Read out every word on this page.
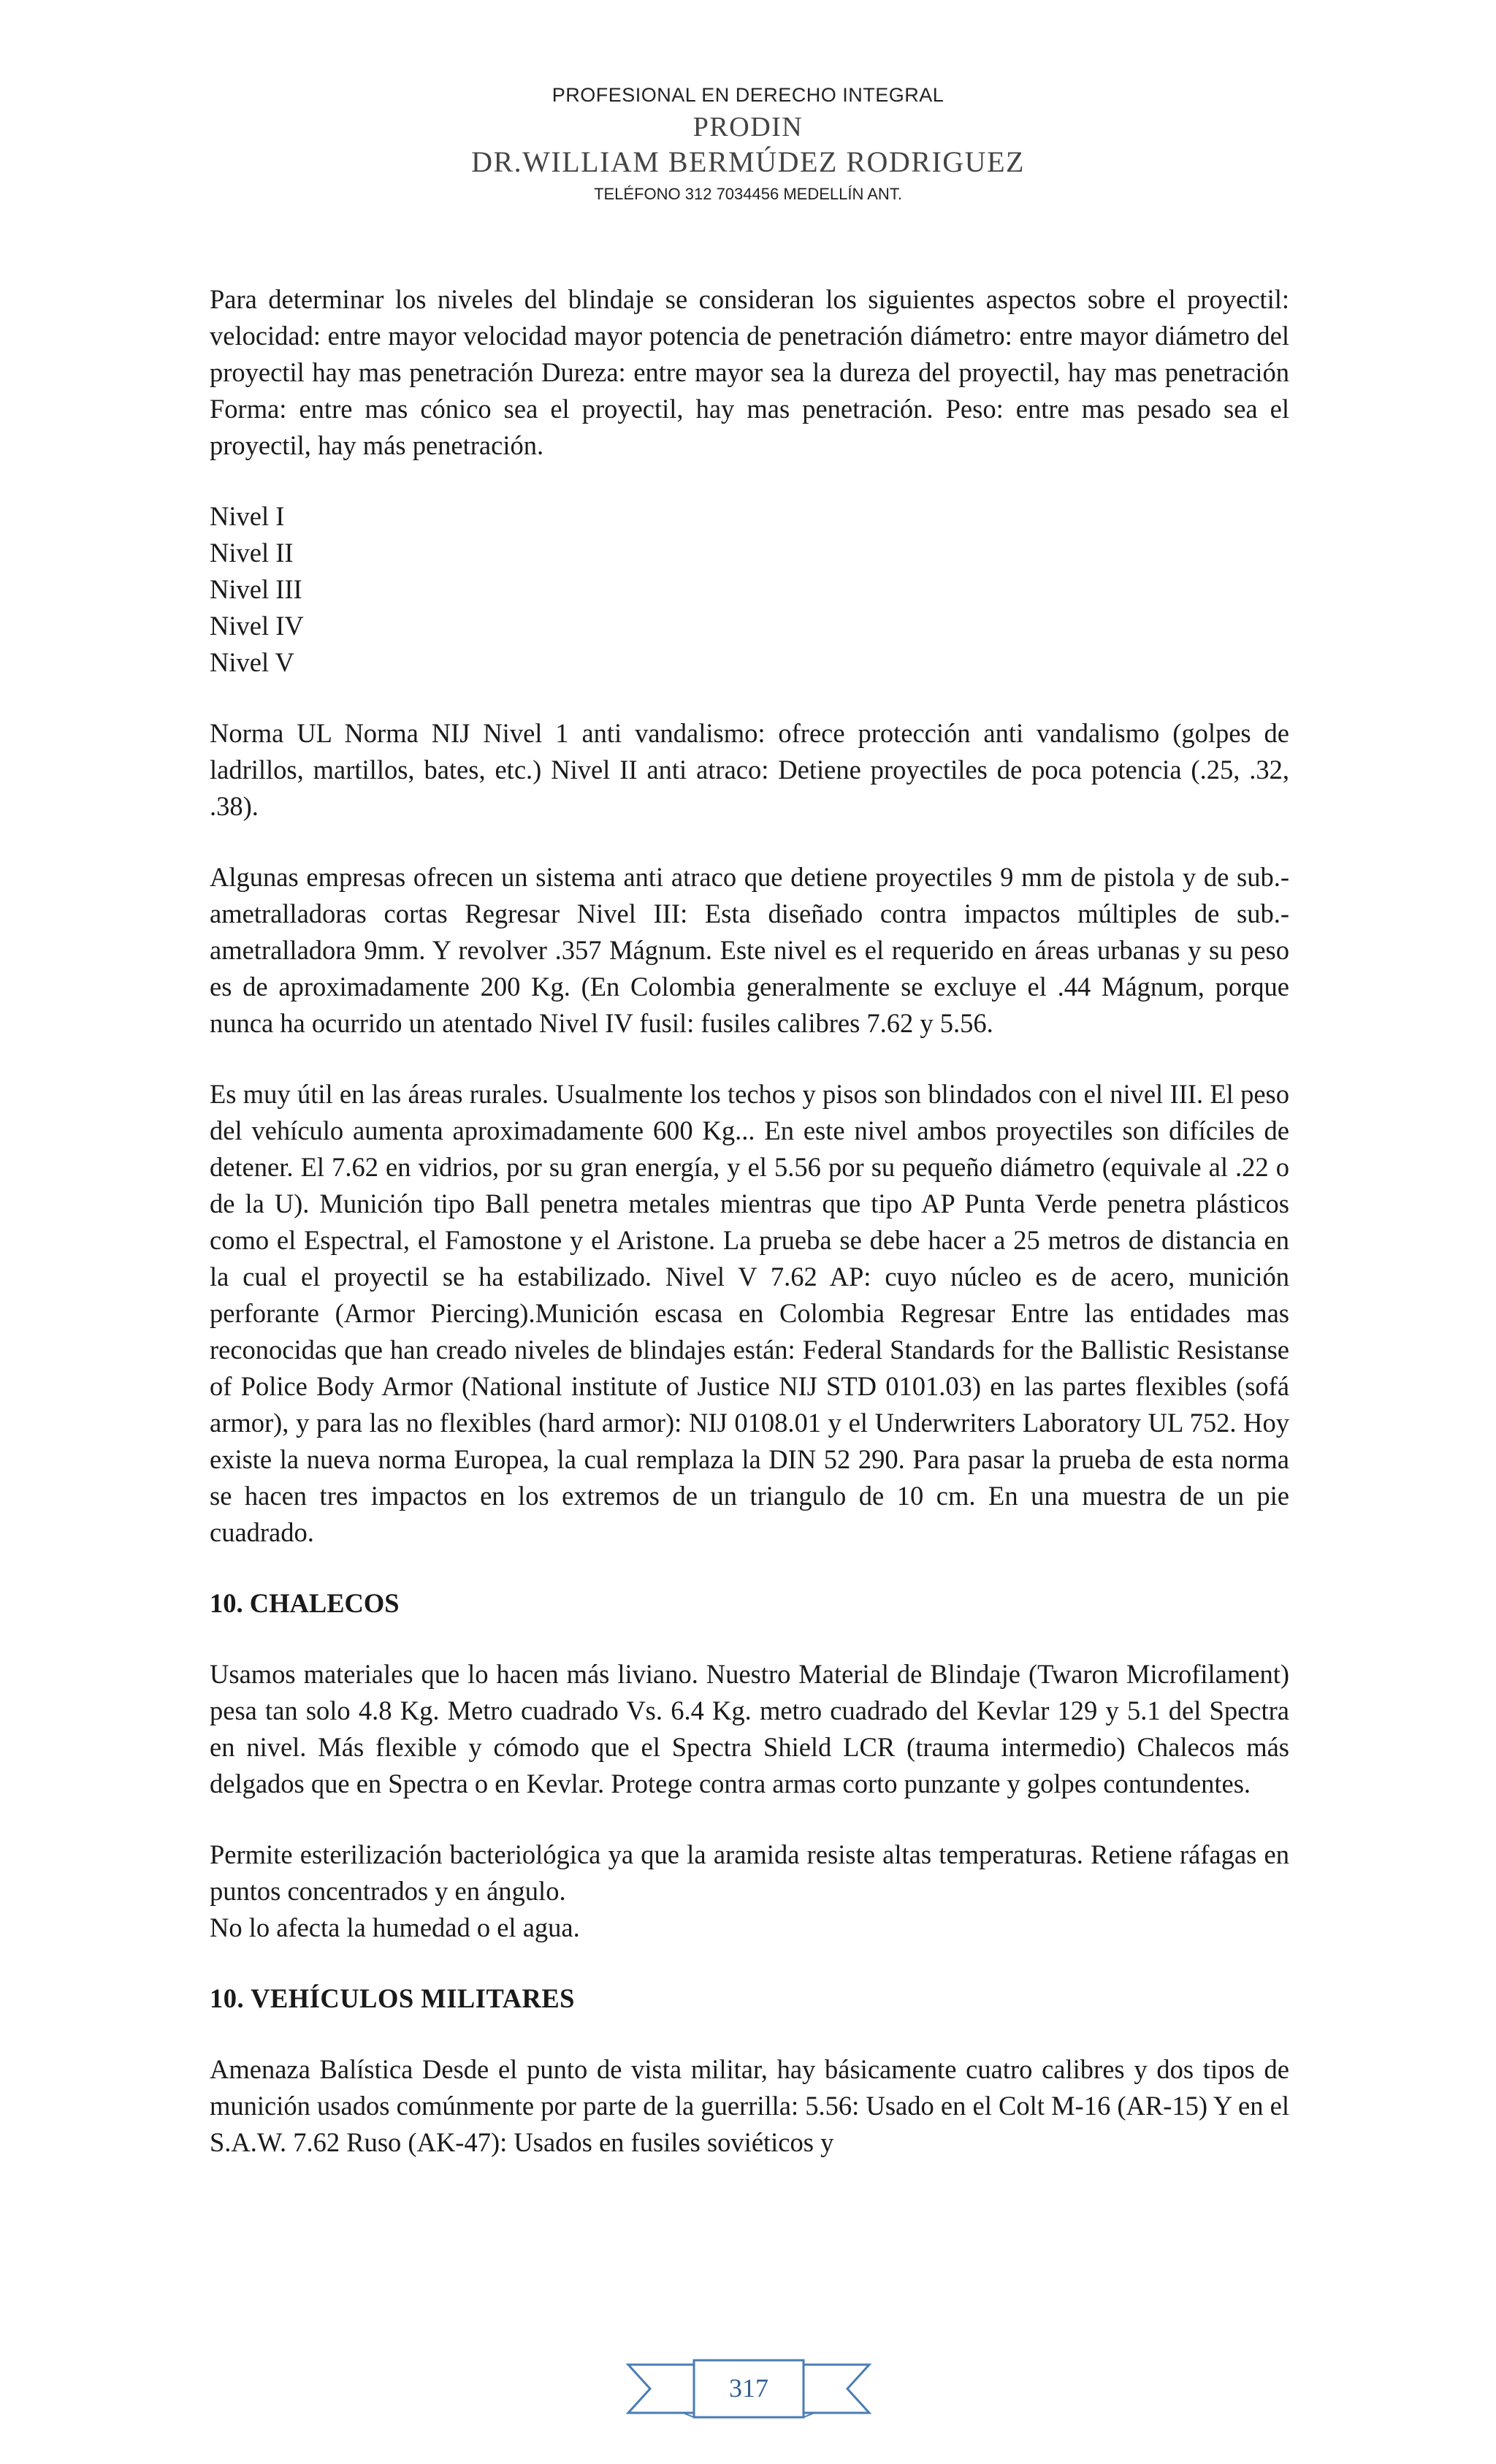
PROFESIONAL EN DERECHO INTEGRAL
PRODIN
DR.WILLIAM BERMÚDEZ RODRIGUEZ
TELÉFONO 312 7034456 MEDELLÍN ANT.

Para determinar los niveles del blindaje se consideran los siguientes aspectos sobre el proyectil: velocidad: entre mayor velocidad mayor potencia de penetración diámetro: entre mayor diámetro del proyectil hay mas penetración Dureza: entre mayor sea la dureza del proyectil, hay mas penetración Forma: entre mas cónico sea el proyectil, hay mas penetración. Peso: entre mas pesado sea el proyectil, hay más penetración.

Nivel I
Nivel II
Nivel III
Nivel IV
Nivel V

Norma UL Norma NIJ Nivel 1 anti vandalismo: ofrece protección anti vandalismo (golpes de ladrillos, martillos, bates, etc.) Nivel II anti atraco: Detiene proyectiles de poca potencia (.25, .32, .38).

Algunas empresas ofrecen un sistema anti atraco que detiene proyectiles 9 mm de pistola y de sub.-ametralladoras cortas Regresar Nivel III: Esta diseñado contra impactos múltiples de sub.- ametralladora 9mm. Y revolver .357 Mágnum. Este nivel es el requerido en áreas urbanas y su peso es de aproximadamente 200 Kg. (En Colombia generalmente se excluye el .44 Mágnum, porque nunca ha ocurrido un atentado Nivel IV fusil: fusiles calibres 7.62 y 5.56.

Es muy útil en las áreas rurales. Usualmente los techos y pisos son blindados con el nivel III. El peso del vehículo aumenta aproximadamente 600 Kg... En este nivel ambos proyectiles son difíciles de detener. El 7.62 en vidrios, por su gran energía, y el 5.56 por su pequeño diámetro (equivale al .22 o de la U). Munición tipo Ball penetra metales mientras que tipo AP Punta Verde penetra plásticos como el Espectral, el Famostone y el Aristone. La prueba se debe hacer a 25 metros de distancia en la cual el proyectil se ha estabilizado. Nivel V 7.62 AP: cuyo núcleo es de acero, munición perforante (Armor Piercing).Munición escasa en Colombia Regresar Entre las entidades mas reconocidas que han creado niveles de blindajes están: Federal Standards for the Ballistic Resistanse of Police Body Armor (National institute of Justice NIJ STD 0101.03) en las partes flexibles (sofá armor), y para las no flexibles (hard armor): NIJ 0108.01 y el Underwriters Laboratory UL 752. Hoy existe la nueva norma Europea, la cual remplaza la DIN 52 290. Para pasar la prueba de esta norma se hacen tres impactos en los extremos de un triangulo de 10 cm. En una muestra de un pie cuadrado.

10. CHALECOS

Usamos materiales que lo hacen más liviano. Nuestro Material de Blindaje (Twaron Microfilament) pesa tan solo 4.8 Kg. Metro cuadrado Vs. 6.4 Kg. metro cuadrado del Kevlar 129 y 5.1 del Spectra en nivel. Más flexible y cómodo que el Spectra Shield LCR (trauma intermedio) Chalecos más delgados que en Spectra o en Kevlar. Protege contra armas corto punzante y golpes contundentes.

Permite esterilización bacteriológica ya que la aramida resiste altas temperaturas. Retiene ráfagas en puntos concentrados y en ángulo.

No lo afecta la humedad o el agua.

10. VEHÍCULOS MILITARES

Amenaza Balística Desde el punto de vista militar, hay básicamente cuatro calibres y dos tipos de munición usados comúnmente por parte de la guerrilla: 5.56: Usado en el Colt M-16 (AR-15) Y en el S.A.W. 7.62 Ruso (AK-47): Usados en fusiles soviéticos y

317
